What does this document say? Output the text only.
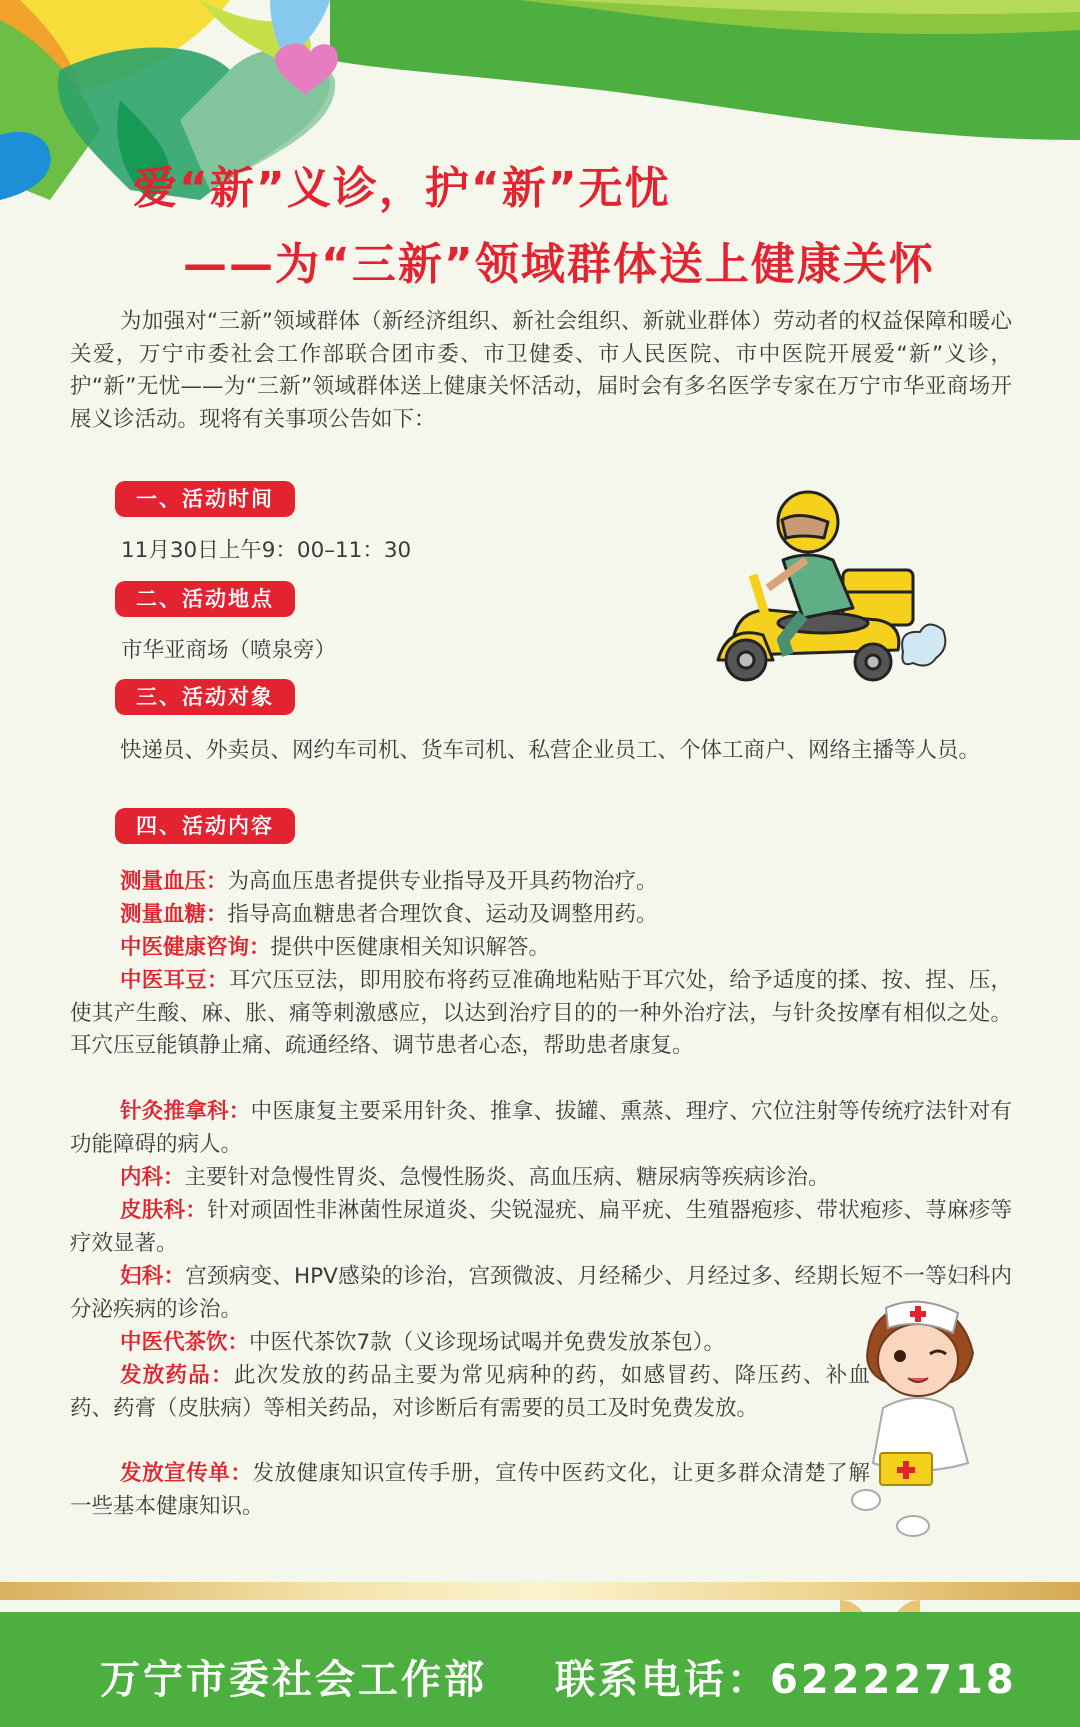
爱“新”义诊，护“新”无忧
——为“三新”领域群体送上健康关怀

为加强对“三新”领域群体（新经济组织、新社会组织、新就业群体）劳动者的权益保障和暖心关爱，万宁市委社会工作部联合团市委、市卫健委、市人民医院、市中医院开展爱“新”义诊，护“新”无忧——为“三新”领域群体送上健康关怀活动，届时会有多名医学专家在万宁市华亚商场开展义诊活动。现将有关事项公告如下：

一、活动时间
11月30日上午9：00–11：30
二、活动地点
市华亚商场（喷泉旁）
三、活动对象

快递员、外卖员、网约车司机、货车司机、私营企业员工、个体工商户、网络主播等人员。

四、活动内容

测量血压：为高血压患者提供专业指导及开具药物治疗。

测量血糖：指导高血糖患者合理饮食、运动及调整用药。

中医健康咨询：提供中医健康相关知识解答。

中医耳豆：耳穴压豆法，即用胶布将药豆准确地粘贴于耳穴处，给予适度的揉、按、捏、压，使其产生酸、麻、胀、痛等刺激感应，以达到治疗目的的一种外治疗法，与针灸按摩有相似之处。耳穴压豆能镇静止痛、疏通经络、调节患者心态，帮助患者康复。

针灸推拿科：中医康复主要采用针灸、推拿、拔罐、熏蒸、理疗、穴位注射等传统疗法针对有功能障碍的病人。

内科：主要针对急慢性胃炎、急慢性肠炎、高血压病、糖尿病等疾病诊治。

皮肤科：针对顽固性非淋菌性尿道炎、尖锐湿疣、扁平疣、生殖器疱疹、带状疱疹、荨麻疹等疗效显著。

妇科：宫颈病变、HPV感染的诊治，宫颈微波、月经稀少、月经过多、经期长短不一等妇科内分泌疾病的诊治。

中医代茶饮：中医代茶饮7款（义诊现场试喝并免费发放茶包）。

发放药品：此次发放的药品主要为常见病种的药，如感冒药、降压药、补血药、药膏（皮肤病）等相关药品，对诊断后有需要的员工及时免费发放。

发放宣传单：发放健康知识宣传手册，宣传中医药文化，让更多群众清楚了解一些基本健康知识。

万宁市委社会工作部 联系电话：62222718
